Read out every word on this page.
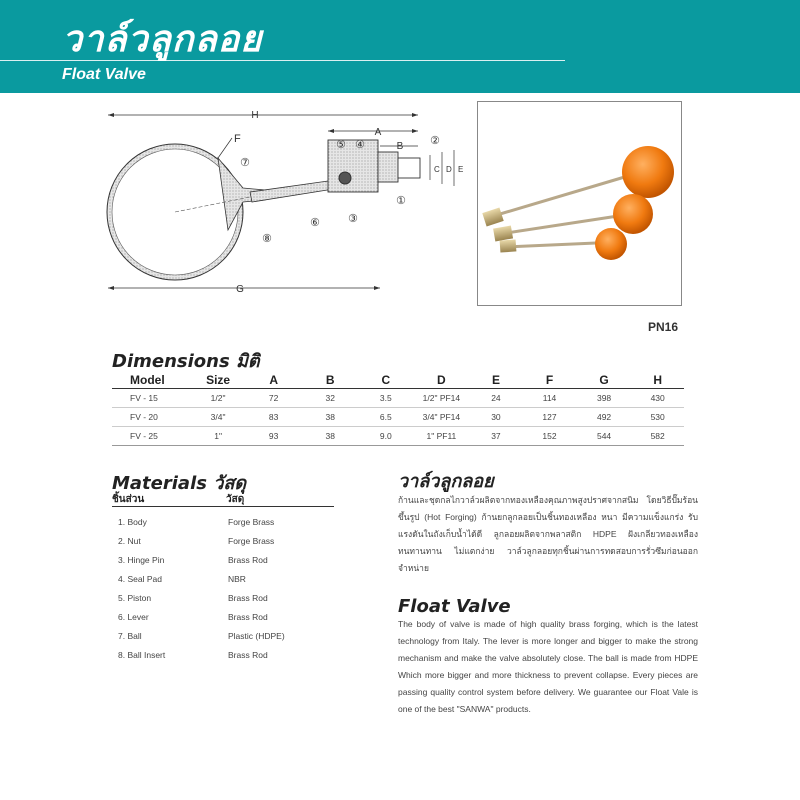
วาล์วลูกลอย
Float Valve
H
A
B
C D E
G
F
①
②
③
④
⑤
⑥
⑦
⑧
PN16
Dimensions มิติ
Model	Size	A	B	C	D	E	F	G	H
FV - 15	1/2"	72	32	3.5	1/2" PF14	24	114	398	430
FV - 20	3/4"	83	38	6.5	3/4" PF14	30	127	492	530
FV - 25	1"	93	38	9.0	1" PF11	37	152	544	582
Materials วัสดุ
ชิ้นส่วน	วัสดุ
1. Body	Forge Brass
2. Nut	Forge Brass
3. Hinge Pin	Brass Rod
4. Seal Pad	NBR
5. Piston	Brass Rod
6. Lever	Brass Rod
7. Ball	Plastic (HDPE)
8. Ball Insert	Brass Rod
วาล์วลูกลอย
ก้านและชุดกลไกวาล์วผลิตจากทองเหลืองคุณภาพสูงปราศจากสนิม โดยวิธีปั๊มร้อนขึ้นรูป (Hot Forging) ก้านยกลูกลอยเป็นชิ้นทองเหลือง หนา มีความแข็งแกร่ง รับแรงดันในถังเก็บน้ำได้ดี ลูกลอยผลิตจากพลาสติก HDPE ฝังเกลียวทองเหลือง ทนทานทาน ไม่แตกง่าย วาล์วลูกลอยทุกชิ้นผ่านการทดสอบการรั่วซึมก่อนออกจำหน่าย
Float Valve
The body of valve is made of high quality brass forging, which is the latest technology from Italy. The lever is more longer and bigger to make the strong mechanism and make the valve absolutely close. The ball is made from HDPE Which more bigger and more thickness to prevent collapse. Every pieces are passing quality control system before delivery. We guarantee our Float Vale is one of the best "SANWA" products.
